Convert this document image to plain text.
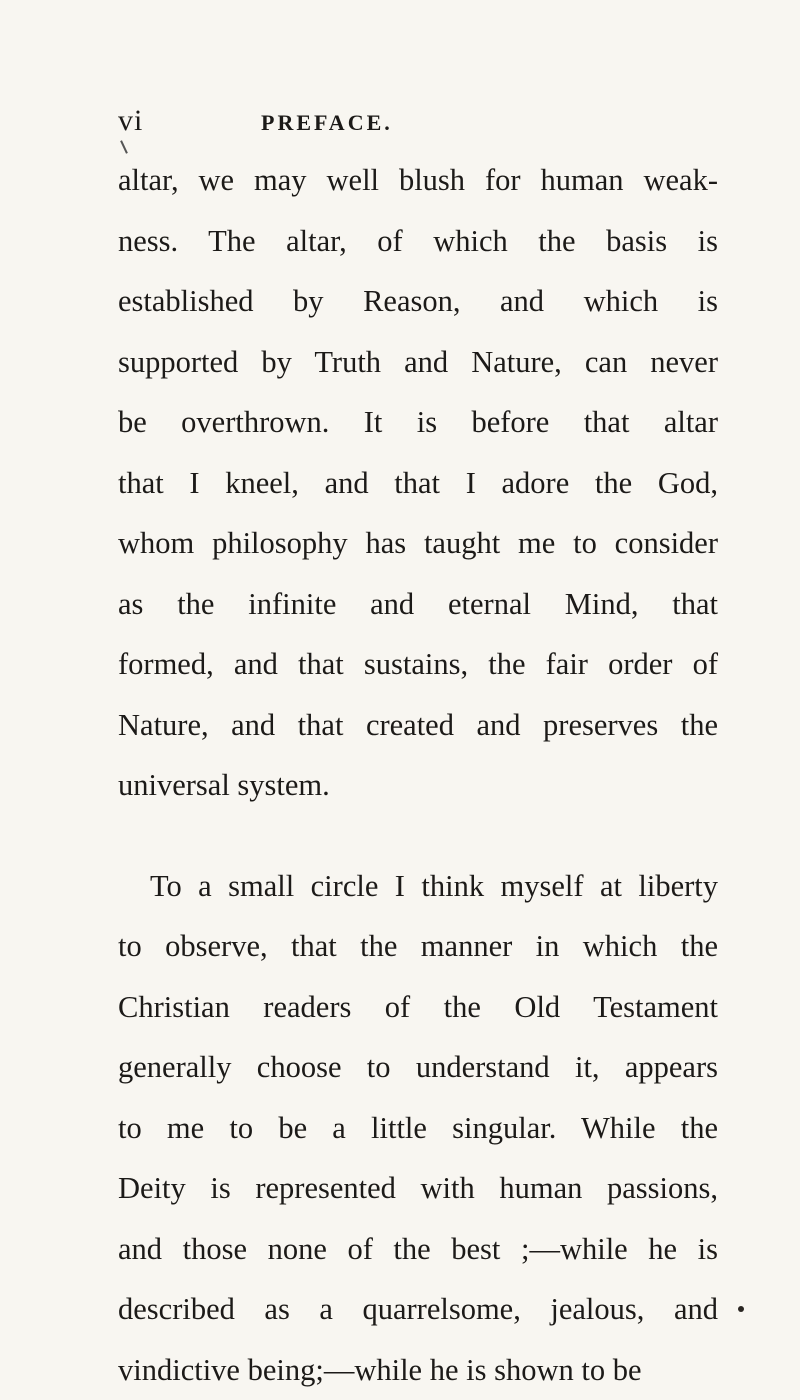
vi	PREFACE.
altar, we may well blush for human weak-
ness. The altar, of which the basis is
established by Reason, and which is
supported by Truth and Nature, can never
be overthrown. It is before that altar
that I kneel, and that I adore the God,
whom philosophy has taught me to consider
as the infinite and eternal Mind, that
formed, and that sustains, the fair order of
Nature, and that created and preserves the
universal system.
To a small circle I think myself at liberty
to observe, that the manner in which the
Christian readers of the Old Testament
generally choose to understand it, appears
to me to be a little singular. While the
Deity is represented with human passions,
and those none of the best ;—while he is
described as a quarrelsome, jealous, and
vindictive being;—while he is shown to be
